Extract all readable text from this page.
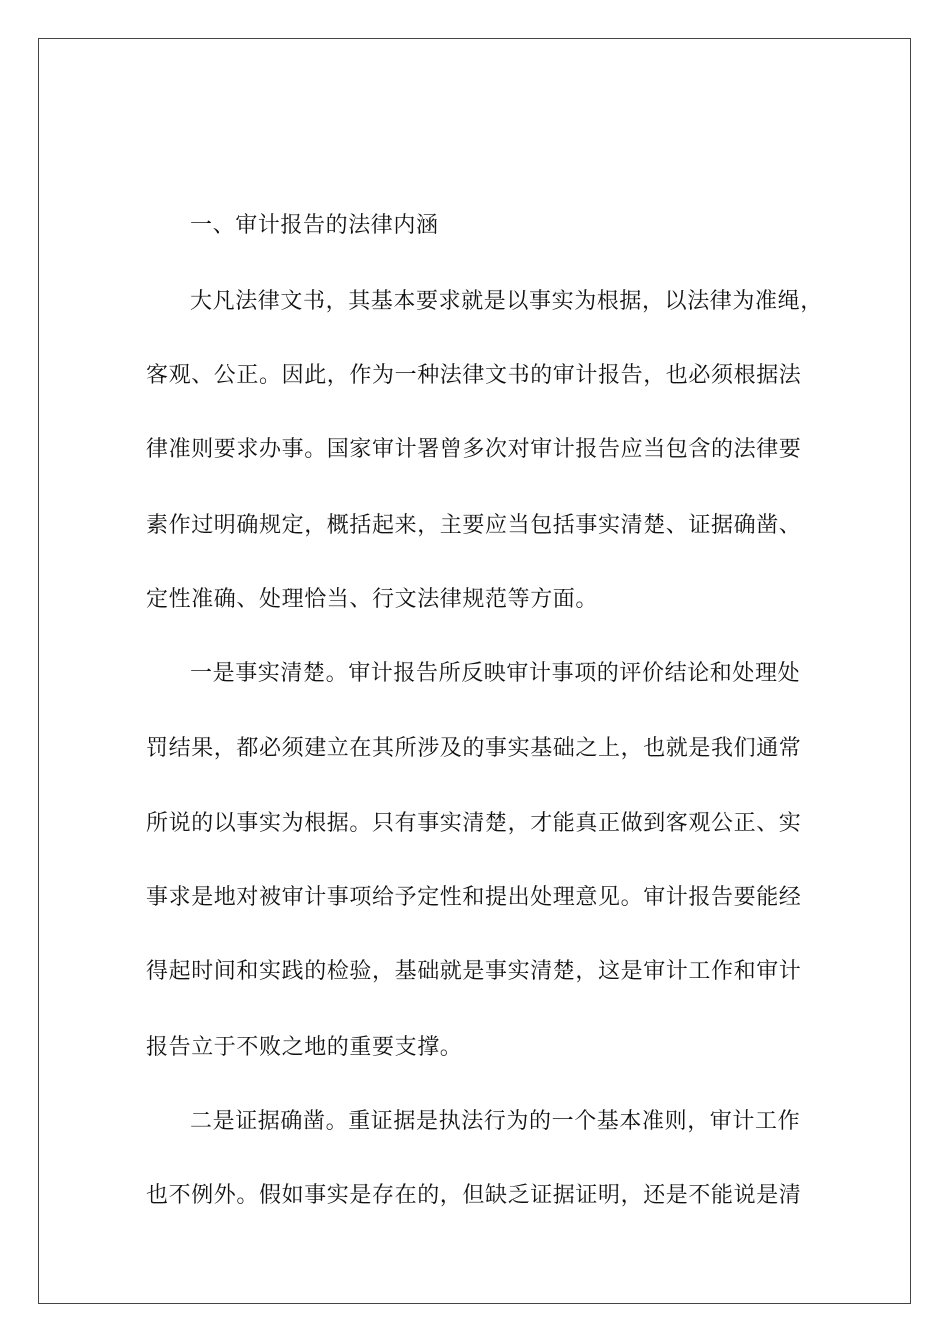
一、审计报告的法律内涵
大凡法律文书，其基本要求就是以事实为根据，以法律为准绳，
客观、公正。因此，作为一种法律文书的审计报告，也必须根据法
律准则要求办事。国家审计署曾多次对审计报告应当包含的法律要
素作过明确规定，概括起来，主要应当包括事实清楚、证据确凿、
定性准确、处理恰当、行文法律规范等方面。
一是事实清楚。审计报告所反映审计事项的评价结论和处理处
罚结果，都必须建立在其所涉及的事实基础之上，也就是我们通常
所说的以事实为根据。只有事实清楚，才能真正做到客观公正、实
事求是地对被审计事项给予定性和提出处理意见。审计报告要能经
得起时间和实践的检验，基础就是事实清楚，这是审计工作和审计
报告立于不败之地的重要支撑。
二是证据确凿。重证据是执法行为的一个基本准则，审计工作
也不例外。假如事实是存在的，但缺乏证据证明，还是不能说是清
